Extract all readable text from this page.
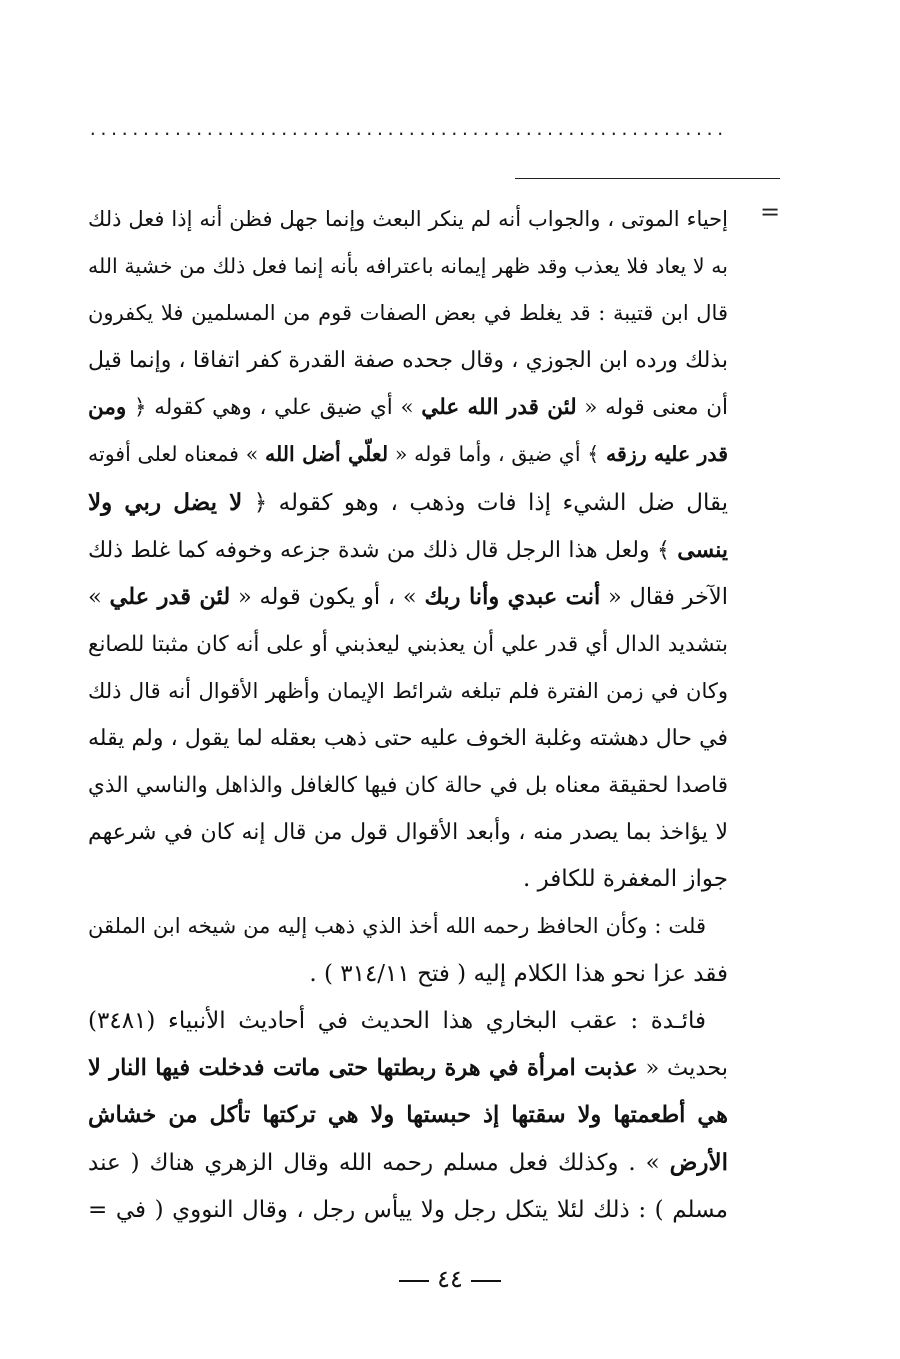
............................................................
=
إحياء الموتى ، والجواب أنه لم ينكر البعث وإنما جهل فظن أنه إذا فعل ذلك
به لا يعاد فلا يعذب وقد ظهر إيمانه باعترافه بأنه إنما فعل ذلك من خشية الله
قال ابن قتيبة : قد يغلط في بعض الصفات قوم من المسلمين فلا يكفرون
بذلك ورده ابن الجوزي ، وقال جحده صفة القدرة كفر اتفاقا ، وإنما قيل
أن معنى قوله « لئن قدر الله علي » أي ضيق علي ، وهي كقوله ﴿ ومن
قدر عليه رزقه ﴾ أي ضيق ، وأما قوله « لعلّي أضل الله » فمعناه لعلى أفوته
يقال ضل الشيء إذا فات وذهب ، وهو كقوله ﴿ لا يضل ربي ولا
ينسى ﴾ ولعل هذا الرجل قال ذلك من شدة جزعه وخوفه كما غلط ذلك
الآخر فقال « أنت عبدي وأنا ربك » ، أو يكون قوله « لئن قدر علي »
بتشديد الدال أي قدر علي أن يعذبني ليعذبني أو على أنه كان مثبتا للصانع
وكان في زمن الفترة فلم تبلغه شرائط الإيمان وأظهر الأقوال أنه قال ذلك
في حال دهشته وغلبة الخوف عليه حتى ذهب بعقله لما يقول ، ولم يقله
قاصدا لحقيقة معناه بل في حالة كان فيها كالغافل والذاهل والناسي الذي
لا يؤاخذ بما يصدر منه ، وأبعد الأقوال قول من قال إنه كان في شرعهم
جواز المغفرة للكافر .
قلت : وكأن الحافظ رحمه الله أخذ الذي ذهب إليه من شيخه ابن الملقن
فقد عزا نحو هذا الكلام إليه ( فتح ٣١٤/١١ ) .
فائـدة : عقب البخاري هذا الحديث في أحاديث الأنبياء (٣٤٨١)
بحديث « عذبت امرأة في هرة ربطتها حتى ماتت فدخلت فيها النار لا
هي أطعمتها ولا سقتها إذ حبستها ولا هي تركتها تأكل من خشاش
الأرض » . وكذلك فعل مسلم رحمه الله وقال الزهري هناك ( عند
مسلم ) : ذلك لئلا يتكل رجل ولا ييأس رجل ، وقال النووي ( في =
٤٤
